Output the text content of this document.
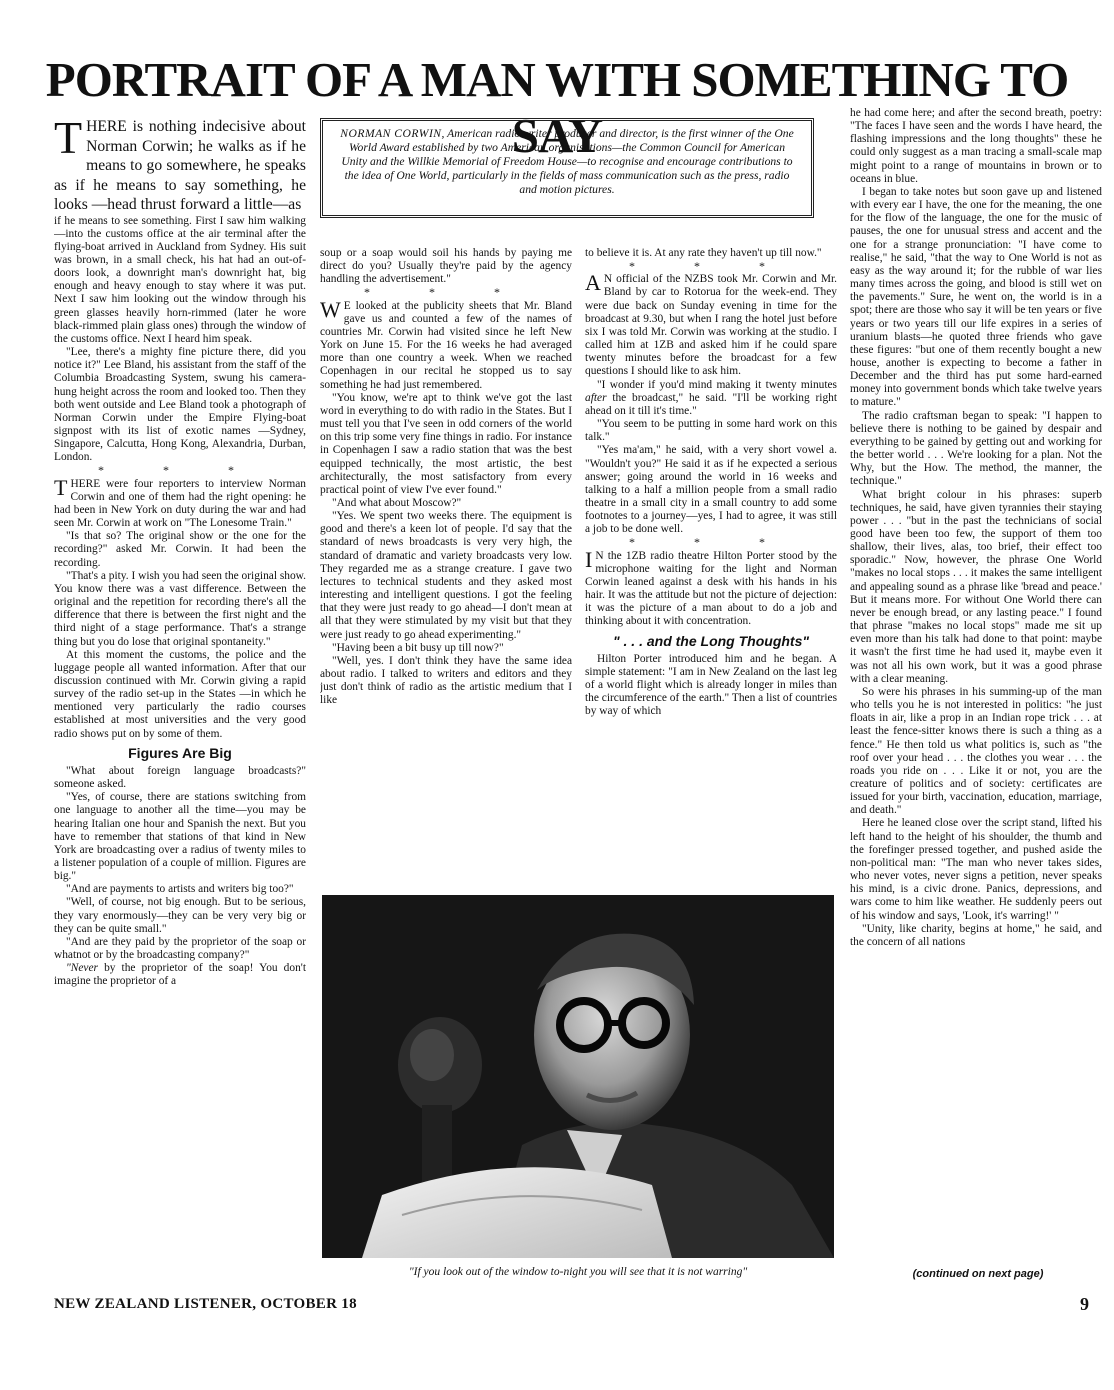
PORTRAIT OF A MAN WITH SOMETHING TO SAY

THERE is nothing indecisive about Norman Corwin; he walks as if he means to go somewhere, he speaks as if he means to say something, he looks —head thrust forward a little—as

if he means to see something. First I saw him walking—into the customs office at the air terminal after the flying-boat arrived in Auckland from Sydney. His suit was brown, in a small check, his hat had an out-of-doors look, a downright man's downright hat, big enough and heavy enough to stay where it was put. Next I saw him looking out the window through his green glasses heavily horn-rimmed (later he wore black-rimmed plain glass ones) through the window of the customs office. Next I heard him speak.

"Lee, there's a mighty fine picture there, did you notice it?" Lee Bland, his assistant from the staff of the Columbia Broadcasting System, swung his camera-hung height across the room and looked too. Then they both went outside and Lee Bland took a photograph of Norman Corwin under the Empire Flying-boat signpost with its list of exotic names —Sydney, Singapore, Calcutta, Hong Kong, Alexandria, Durban, London.

* * *

THERE were four reporters to interview Norman Corwin and one of them had the right opening: he had been in New York on duty during the war and had seen Mr. Corwin at work on "The Lonesome Train."

"Is that so? The original show or the one for the recording?" asked Mr. Corwin. It had been the recording.

"That's a pity. I wish you had seen the original show. You know there was a vast difference. Between the original and the repetition for recording there's all the difference that there is between the first night and the third night of a stage performance. That's a strange thing but you do lose that original spontaneity."

At this moment the customs, the police and the luggage people all wanted information. After that our discussion continued with Mr. Corwin giving a rapid survey of the radio set-up in the States —in which he mentioned very particularly the radio courses established at most universities and the very good radio shows put on by some of them.

Figures Are Big

"What about foreign language broadcasts?" someone asked.

"Yes, of course, there are stations switching from one language to another all the time—you may be hearing Italian one hour and Spanish the next. But you have to remember that stations of that kind in New York are broadcasting over a radius of twenty miles to a listener population of a couple of million. Figures are big."

"And are payments to artists and writers big too?"

"Well, of course, not big enough. But to be serious, they vary enormously—they can be very very big or they can be quite small."

"And are they paid by the proprietor of the soap or whatnot or by the broadcasting company?"

"Never by the proprietor of the soap! You don't imagine the proprietor of a

NORMAN CORWIN, American radio writer producer and director, is the first winner of the One World Award established by two American organisations—the Common Council for American Unity and the Willkie Memorial of Freedom House—to recognise and encourage contributions to the idea of One World, particularly in the fields of mass communication such as the press, radio and motion pictures.

soup or a soap would soil his hands by paying me direct do you? Usually they're paid by the agency handling the advertisement."

* * *

W E looked at the publicity sheets that Mr. Bland gave us and counted a few of the names of countries Mr. Corwin had visited since he left New York on June 15. For the 16 weeks he had averaged more than one country a week. When we reached Copenhagen in our recital he stopped us to say something he had just remembered.

"You know, we're apt to think we've got the last word in everything to do with radio in the States. But I must tell you that I've seen in odd corners of the world on this trip some very fine things in radio. For instance in Copenhagen I saw a radio station that was the best equipped technically, the most artistic, the best architecturally, the most satisfactory from every practical point of view I've ever found."

"And what about Moscow?"

"Yes. We spent two weeks there. The equipment is good and there's a keen lot of people. I'd say that the standard of news broadcasts is very very high, the standard of dramatic and variety broadcasts very low. They regarded me as a strange creature. I gave two lectures to technical students and they asked most interesting and intelligent questions. I got the feeling that they were just ready to go ahead—I don't mean at all that they were stimulated by my visit but that they were just ready to go ahead experimenting."

"Having been a bit busy up till now?"

"Well, yes. I don't think they have the same idea about radio. I talked to writers and editors and they just don't think of radio as the artistic medium that I like

to believe it is. At any rate they haven't up till now."

* * *

A N official of the NZBS took Mr. Corwin and Mr. Bland by car to Rotorua for the week-end. They were due back on Sunday evening in time for the broadcast at 9.30, but when I rang the hotel just before six I was told Mr. Corwin was working at the studio. I called him at 1ZB and asked him if he could spare twenty minutes before the broadcast for a few questions I should like to ask him.

"I wonder if you'd mind making it twenty minutes after the broadcast," he said. "I'll be working right ahead on it till it's time."

"You seem to be putting in some hard work on this talk."

"Yes ma'am," he said, with a very short vowel a. "Wouldn't you?" He said it as if he expected a serious answer; going around the world in 16 weeks and talking to a half a million people from a small radio theatre in a small city in a small country to add some footnotes to a journey—yes, I had to agree, it was still a job to be done well.

* * *

I N the 1ZB radio theatre Hilton Porter stood by the microphone waiting for the light and Norman Corwin leaned against a desk with his hands in his hair. It was the attitude but not the picture of dejection: it was the picture of a man about to do a job and thinking about it with concentration.

" . . . and the Long Thoughts"

Hilton Porter introduced him and he began. A simple statement: "I am in New Zealand on the last leg of a world flight which is already longer in miles than the circumference of the earth." Then a list of countries by way of which

he had come here; and after the second breath, poetry: "The faces I have seen and the words I have heard, the flashing impressions and the long thoughts" these he could only suggest as a man tracing a small-scale map might point to a range of mountains in brown or to oceans in blue.

I began to take notes but soon gave up and listened with every ear I have, the one for the meaning, the one for the flow of the language, the one for the music of pauses, the one for unusual stress and accent and the one for a strange pronunciation: "I have come to realise," he said, "that the way to One World is not as easy as the way around it; for the rubble of war lies many times across the going, and blood is still wet on the pavements." Sure, he went on, the world is in a spot; there are those who say it will be ten years or five years or two years till our life expires in a series of uranium blasts—he quoted three friends who gave these figures: "but one of them recently bought a new house, another is expecting to become a father in December and the third has put some hard-earned money into government bonds which take twelve years to mature."

The radio craftsman began to speak: "I happen to believe there is nothing to be gained by despair and everything to be gained by getting out and working for the better world . . . We're looking for a plan. Not the Why, but the How. The method, the manner, the technique."

What bright colour in his phrases: superb techniques, he said, have given tyrannies their staying power . . . "but in the past the technicians of social good have been too few, the support of them too shallow, their lives, alas, too brief, their effect too sporadic." Now, however, the phrase One World "makes no local stops . . . it makes the same intelligent and appealing sound as a phrase like 'bread and peace.' But it means more. For without One World there can never be enough bread, or any lasting peace." I found that phrase "makes no local stops" made me sit up even more than his talk had done to that point: maybe it wasn't the first time he had used it, maybe even it was not all his own work, but it was a good phrase with a clear meaning.

So were his phrases in his summing-up of the man who tells you he is not interested in politics: "he just floats in air, like a prop in an Indian rope trick . . . at least the fence-sitter knows there is such a thing as a fence." He then told us what politics is, such as "the roof over your head . . . the clothes you wear . . . the roads you ride on . . . Like it or not, you are the creature of politics and of society: certificates are issued for your birth, vaccination, education, marriage, and death."

Here he leaned close over the script stand, lifted his left hand to the height of his shoulder, the thumb and the forefinger pressed together, and pushed aside the non-political man: "The man who never takes sides, who never votes, never signs a petition, never speaks his mind, is a civic drone. Panics, depressions, and wars come to him like weather. He suddenly peers out of his window and says, 'Look, it's warring!' "

"Unity, like charity, begins at home," he said, and the concern of all nations

"If you look out of the window to-night you will see that it is not warring"	(continued on next page)
NEW ZEALAND LISTENER, OCTOBER 18	9
